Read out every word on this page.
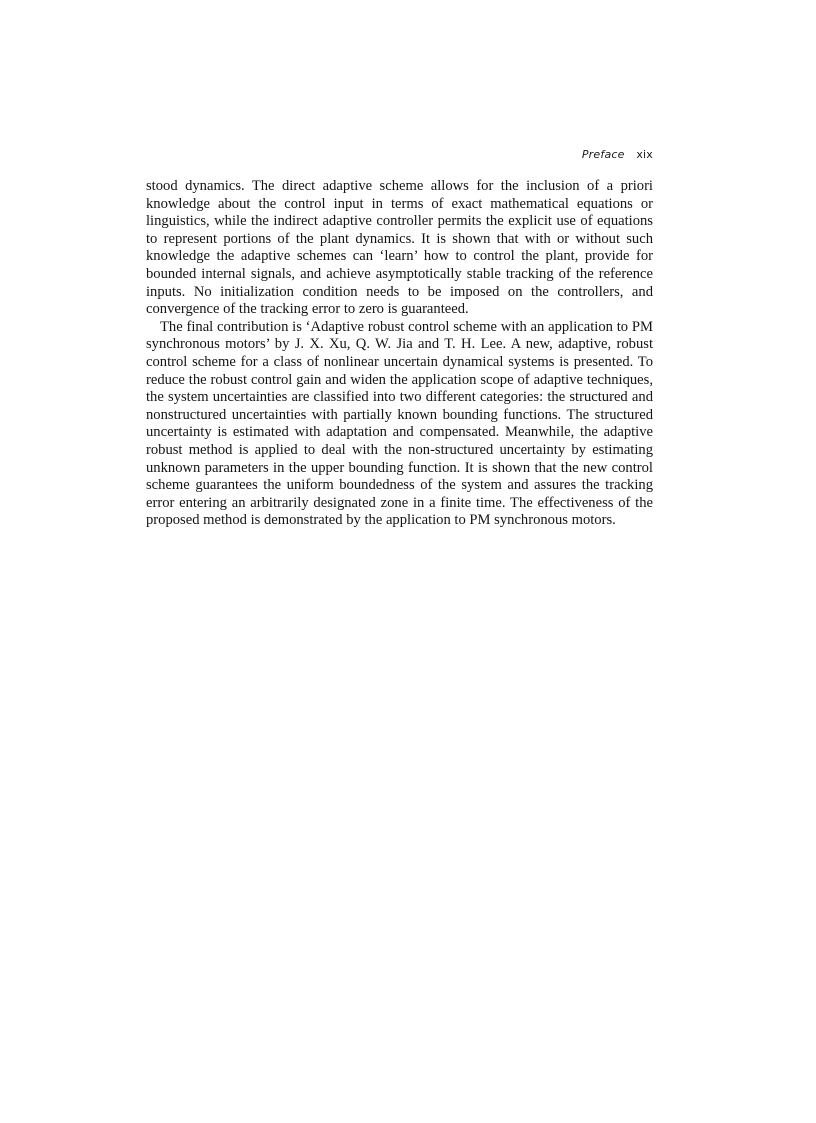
Preface xix

stood dynamics. The direct adaptive scheme allows for the inclusion of a priori knowledge about the control input in terms of exact mathematical equations or linguistics, while the indirect adaptive controller permits the explicit use of equations to represent portions of the plant dynamics. It is shown that with or without such knowledge the adaptive schemes can ‘learn’ how to control the plant, provide for bounded internal signals, and achieve asymptotically stable tracking of the reference inputs. No initialization condition needs to be imposed on the controllers, and convergence of the tracking error to zero is guaranteed.

The final contribution is ‘Adaptive robust control scheme with an application to PM synchronous motors’ by J. X. Xu, Q. W. Jia and T. H. Lee. A new, adaptive, robust control scheme for a class of nonlinear uncertain dynamical systems is presented. To reduce the robust control gain and widen the application scope of adaptive techniques, the system uncertainties are classified into two different categories: the structured and nonstructured uncertainties with partially known bounding functions. The structured uncertainty is estimated with adaptation and compensated. Meanwhile, the adaptive robust method is applied to deal with the non-structured uncertainty by estimating unknown parameters in the upper bounding function. It is shown that the new control scheme guarantees the uniform boundedness of the system and assures the tracking error entering an arbitrarily designated zone in a finite time. The effectiveness of the proposed method is demonstrated by the application to PM synchronous motors.
